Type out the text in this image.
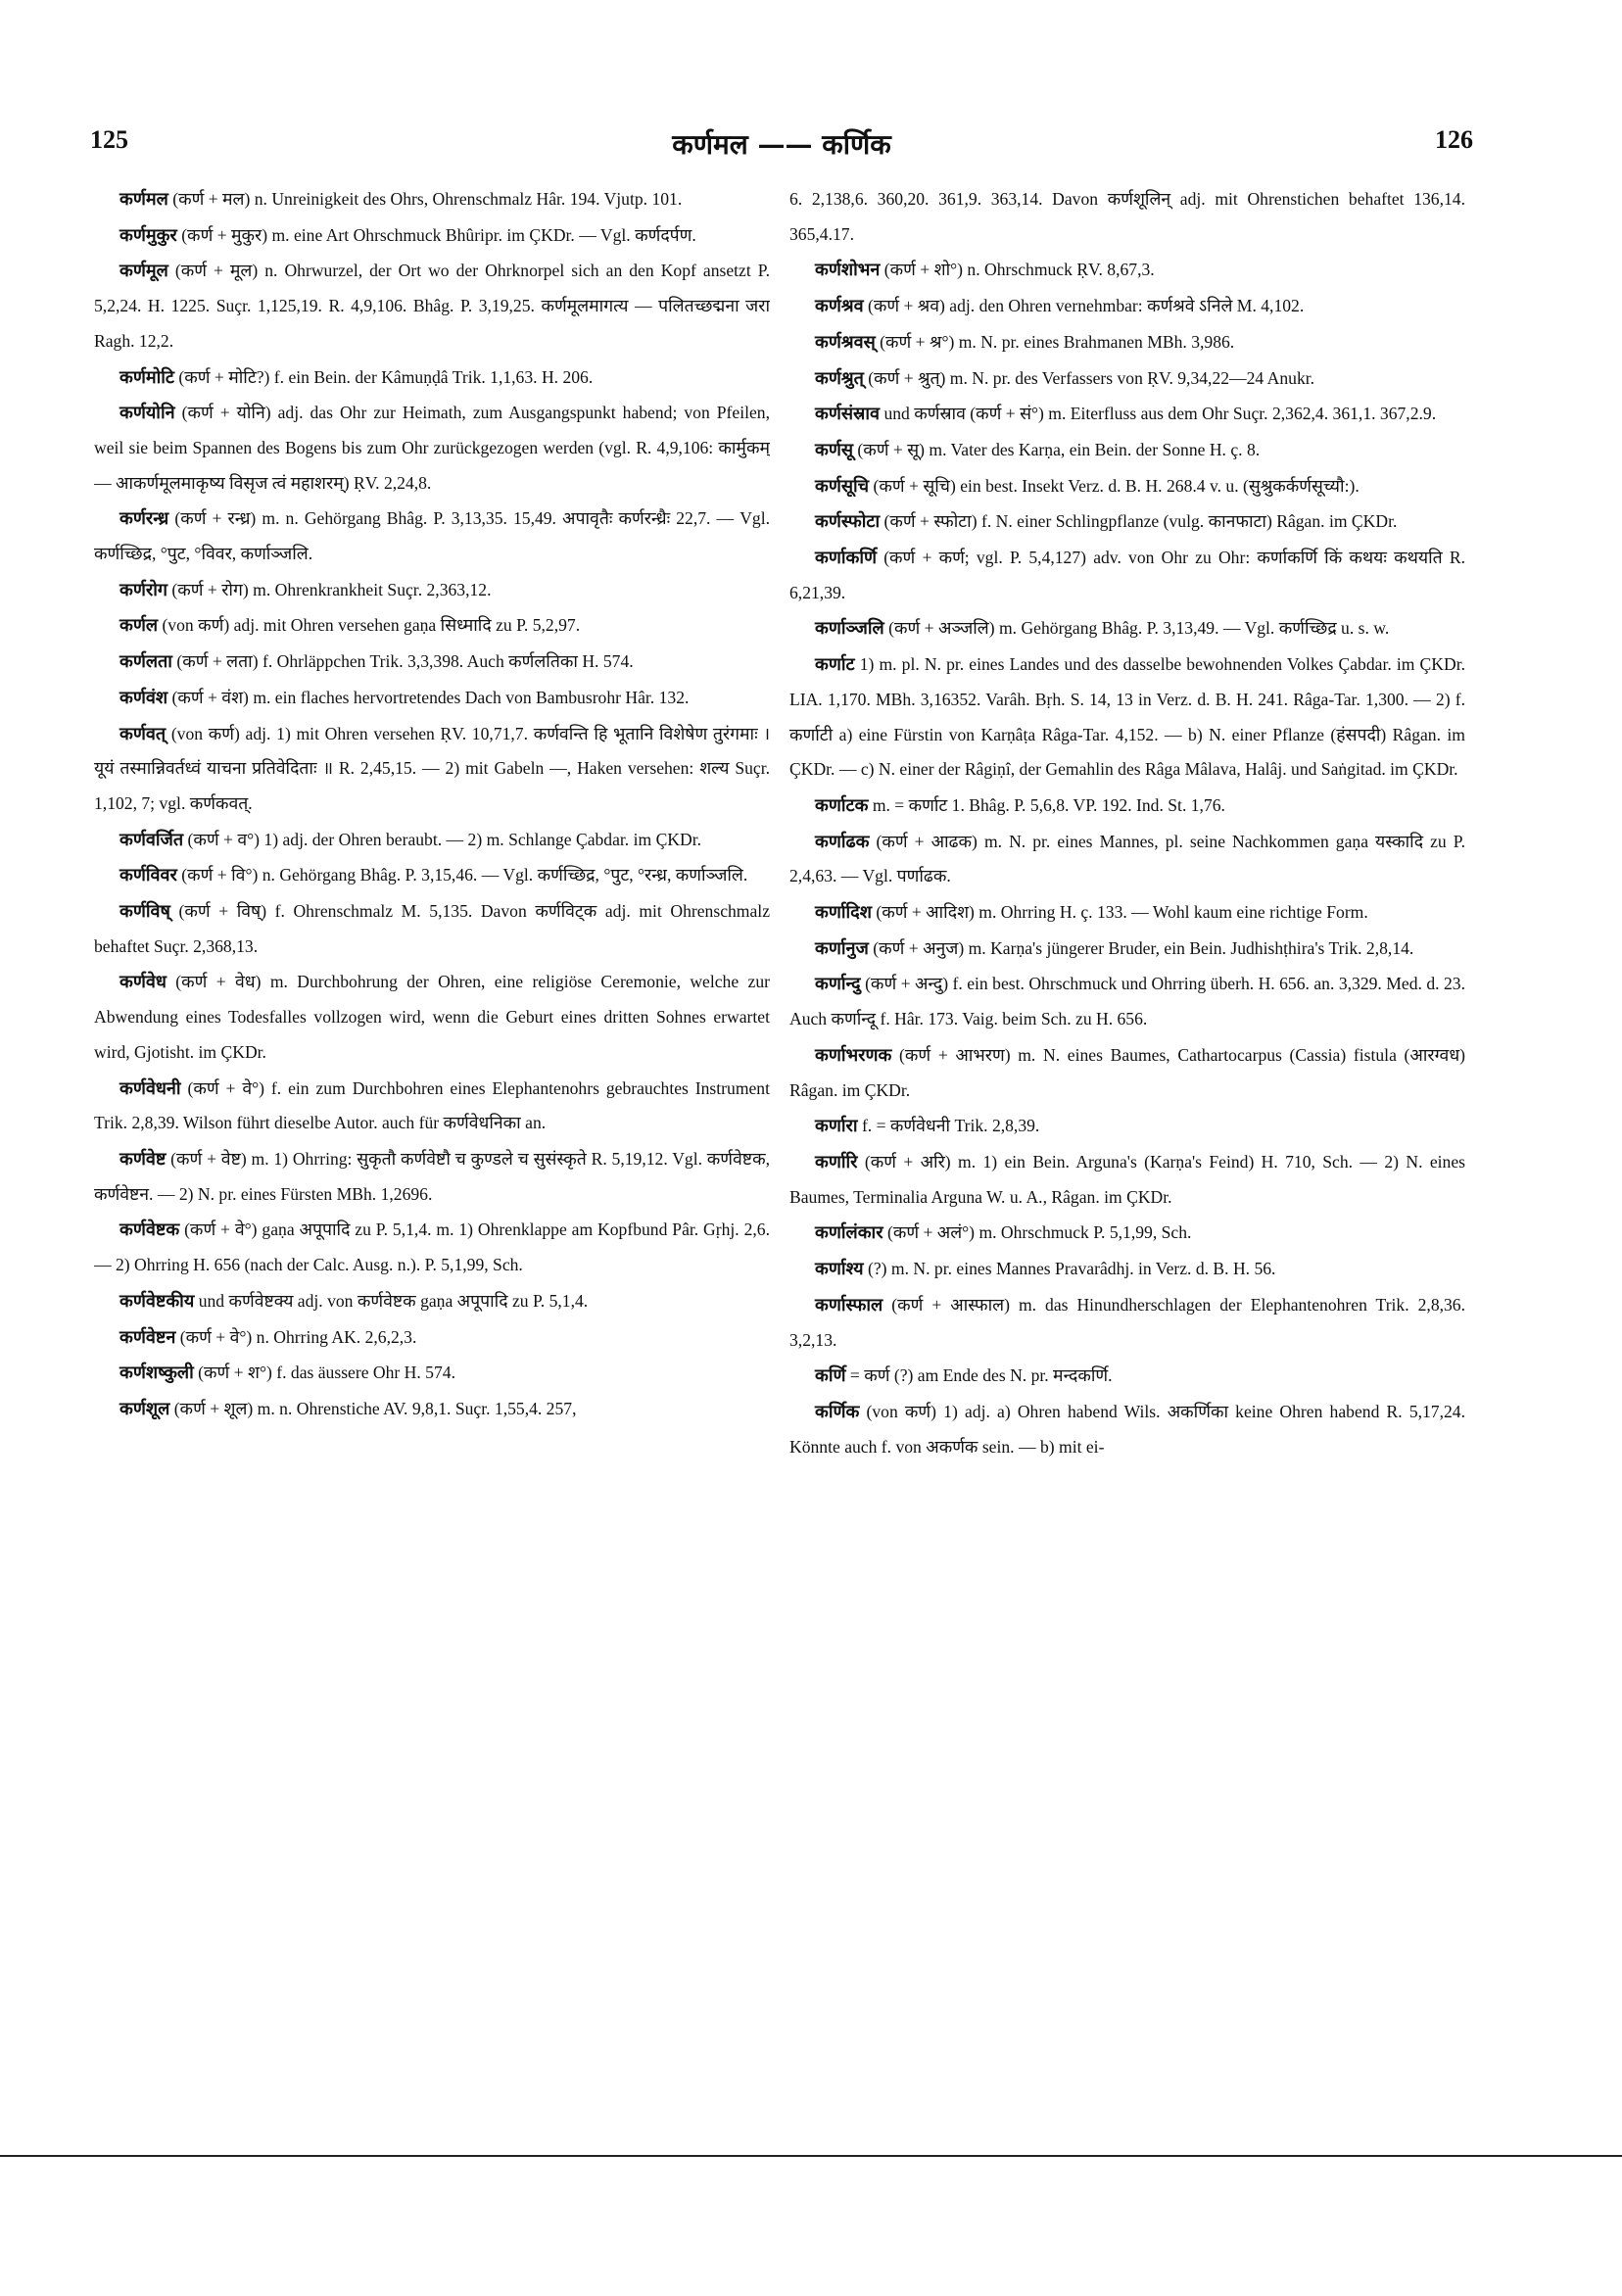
125	कर्णमल —— कर्णिक	126

कर्णमल (कर्ण + मल) n. Unreinigkeit des Ohrs, Ohrenschmalz Hâr. 194. Vjutp. 101.

कर्णमुकुर (कर्ण + मुकुर) m. eine Art Ohrschmuck Bhûripr. im ÇKDr. — Vgl. कर्णदर्पण.

कर्णमूल (कर्ण + मूल) n. Ohrwurzel, der Ort wo der Ohrknorpel sich an den Kopf ansetzt P. 5,2,24. H. 1225. Suçr. 1,125,19. R. 4,9,106. Bhâg. P. 3,19,25. कर्णमूलमागत्य — पलितच्छद्मना जरा Ragh. 12,2.

कर्णमोटि (कर्ण + मोटि?) f. ein Bein. der Kâmuṇḍâ Trik. 1,1,63. H. 206.

कर्णयोनि (कर्ण + योनि) adj. das Ohr zur Heimath, zum Ausgangspunkt habend; von Pfeilen, weil sie beim Spannen des Bogens bis zum Ohr zurückgezogen werden (vgl. R. 4,9,106: कार्मुकम् — आकर्णमूलमाकृष्य विसृज त्वं महाशरम्) ṚV. 2,24,8.

कर्णरन्ध्र (कर्ण + रन्ध्र) m. n. Gehörgang Bhâg. P. 3,13,35. 15,49. अपावृतैः कर्णरन्ध्रैः 22,7. — Vgl. कर्णच्छिद्र, °पुट, °विवर, कर्णाञ्जलि.

कर्णरोग (कर्ण + रोग) m. Ohrenkrankheit Suçr. 2,363,12.

कर्णल (von कर्ण) adj. mit Ohren versehen gaṇa सिध्मादि zu P. 5,2,97.

कर्णलता (कर्ण + लता) f. Ohrläppchen Trik. 3,3,398. Auch कर्णलतिका H. 574.

कर्णवंश (कर्ण + वंश) m. ein flaches hervortretendes Dach von Bambusrohr Hâr. 132.

कर्णवत् (von कर्ण) adj. 1) mit Ohren versehen ṚV. 10,71,7. कर्णवन्ति हि भूतानि विशेषेण तुरंगमाः । यूयं तस्मान्निवर्तध्वं याचना प्रतिवेदिताः ॥ R. 2,45,15. — 2) mit Gabeln —, Haken versehen: शल्य Suçr. 1,102, 7; vgl. कर्णकवत्.

कर्णवर्जित (कर्ण + व°) 1) adj. der Ohren beraubt. — 2) m. Schlange Çabdar. im ÇKDr.

कर्णविवर (कर्ण + वि°) n. Gehörgang Bhâg. P. 3,15,46. — Vgl. कर्णच्छिद्र, °पुट, °रन्ध्र, कर्णाञ्जलि.

कर्णविष् (कर्ण + विष्) f. Ohrenschmalz M. 5,135. Davon कर्णविट्क adj. mit Ohrenschmalz behaftet Suçr. 2,368,13.

कर्णवेध (कर्ण + वेध) m. Durchbohrung der Ohren, eine religiöse Ceremonie, welche zur Abwendung eines Todesfalles vollzogen wird, wenn die Geburt eines dritten Sohnes erwartet wird, Gjotisht. im ÇKDr.

कर्णवेधनी (कर्ण + वे°) f. ein zum Durchbohren eines Elephantenohrs gebrauchtes Instrument Trik. 2,8,39. Wilson führt dieselbe Autor. auch für कर्णवेधनिका an.

कर्णवेष्ट (कर्ण + वेष्ट) m. 1) Ohrring: सुकृतौ कर्णवेष्टौ च कुण्डले च सुसंस्कृते R. 5,19,12. Vgl. कर्णवेष्टक, कर्णवेष्टन. — 2) N. pr. eines Fürsten MBh. 1,2696.

कर्णवेष्टक (कर्ण + वे°) gaṇa अपूपादि zu P. 5,1,4. m. 1) Ohrenklappe am Kopfbund Pâr. Gṛhj. 2,6. — 2) Ohrring H. 656 (nach der Calc. Ausg. n.). P. 5,1,99, Sch.

कर्णवेष्टकीय und कर्णवेष्टक्य adj. von कर्णवेष्टक gaṇa अपूपादि zu P. 5,1,4.

कर्णवेष्टन (कर्ण + वे°) n. Ohrring AK. 2,6,2,3.

कर्णशष्कुली (कर्ण + श°) f. das äussere Ohr H. 574.

कर्णशूल (कर्ण + शूल) m. n. Ohrenstiche AV. 9,8,1. Suçr. 1,55,4. 257,

6. 2,138,6. 360,20. 361,9. 363,14. Davon कर्णशूलिन् adj. mit Ohrenstichen behaftet 136,14. 365,4.17.

कर्णशोभन (कर्ण + शो°) n. Ohrschmuck ṚV. 8,67,3.

कर्णश्रव (कर्ण + श्रव) adj. den Ohren vernehmbar: कर्णश्रवे ऽनिले M. 4,102.

कर्णश्रवस् (कर्ण + श्र°) m. N. pr. eines Brahmanen MBh. 3,986.

कर्णश्रुत् (कर्ण + श्रुत्) m. N. pr. des Verfassers von ṚV. 9,34,22—24 Anukr.

कर्णसंस्राव und कर्णस्राव (कर्ण + सं°) m. Eiterfluss aus dem Ohr Suçr. 2,362,4. 361,1. 367,2.9.

कर्णसू (कर्ण + सू) m. Vater des Karṇa, ein Bein. der Sonne H. ç. 8.

कर्णसूचि (कर्ण + सूचि) ein best. Insekt Verz. d. B. H. 268.4 v. u. (सुश्रुकर्कर्णसूच्यौ:).

कर्णस्फोटा (कर्ण + स्फोटा) f. N. einer Schlingpflanze (vulg. कानफाटा) Râgan. im ÇKDr.

कर्णाकर्णि (कर्ण + कर्ण; vgl. P. 5,4,127) adv. von Ohr zu Ohr: कर्णाकर्णि किं कथयः कथयति R. 6,21,39.

कर्णाञ्जलि (कर्ण + अञ्जलि) m. Gehörgang Bhâg. P. 3,13,49. — Vgl. कर्णच्छिद्र u. s. w.

कर्णाट 1) m. pl. N. pr. eines Landes und des dasselbe bewohnenden Volkes Çabdar. im ÇKDr. LIA. 1,170. MBh. 3,16352. Varâh. Bṛh. S. 14, 13 in Verz. d. B. H. 241. Râga-Tar. 1,300. — 2) f. कर्णाटी a) eine Fürstin von Karṇâṭa Râga-Tar. 4,152. — b) N. einer Pflanze (हंसपदी) Râgan. im ÇKDr. — c) N. einer der Râgiṇî, der Gemahlin des Râga Mâlava, Halâj. und Saṅgitad. im ÇKDr.

कर्णाटक m. = कर्णाट 1. Bhâg. P. 5,6,8. VP. 192. Ind. St. 1,76.

कर्णाढक (कर्ण + आढक) m. N. pr. eines Mannes, pl. seine Nachkommen gaṇa यस्कादि zu P. 2,4,63. — Vgl. पर्णाढक.

कर्णादिश (कर्ण + आदिश) m. Ohrring H. ç. 133. — Wohl kaum eine richtige Form.

कर्णानुज (कर्ण + अनुज) m. Karṇa's jüngerer Bruder, ein Bein. Judhishṭhira's Trik. 2,8,14.

कर्णान्दु (कर्ण + अन्दु) f. ein best. Ohrschmuck und Ohrring überh. H. 656. an. 3,329. Med. d. 23. Auch कर्णान्दू f. Hâr. 173. Vaig. beim Sch. zu H. 656.

कर्णाभरणक (कर्ण + आभरण) m. N. eines Baumes, Cathartocarpus (Cassia) fistula (आरग्वध) Râgan. im ÇKDr.

कर्णारा f. = कर्णवेधनी Trik. 2,8,39.

कर्णारि (कर्ण + अरि) m. 1) ein Bein. Arguna's (Karṇa's Feind) H. 710, Sch. — 2) N. eines Baumes, Terminalia Arguna W. u. A., Râgan. im ÇKDr.

कर्णालंकार (कर्ण + अलं°) m. Ohrschmuck P. 5,1,99, Sch.

कर्णाश्य (?) m. N. pr. eines Mannes Pravarâdhj. in Verz. d. B. H. 56.

कर्णास्फाल (कर्ण + आस्फाल) m. das Hinundherschlagen der Elephantenohren Trik. 2,8,36. 3,2,13.

कर्णि = कर्ण (?) am Ende des N. pr. मन्दकर्णि.

कर्णिक (von कर्ण) 1) adj. a) Ohren habend Wils. अकर्णिका keine Ohren habend R. 5,17,24. Könnte auch f. von अकर्णक sein. — b) mit ei-
